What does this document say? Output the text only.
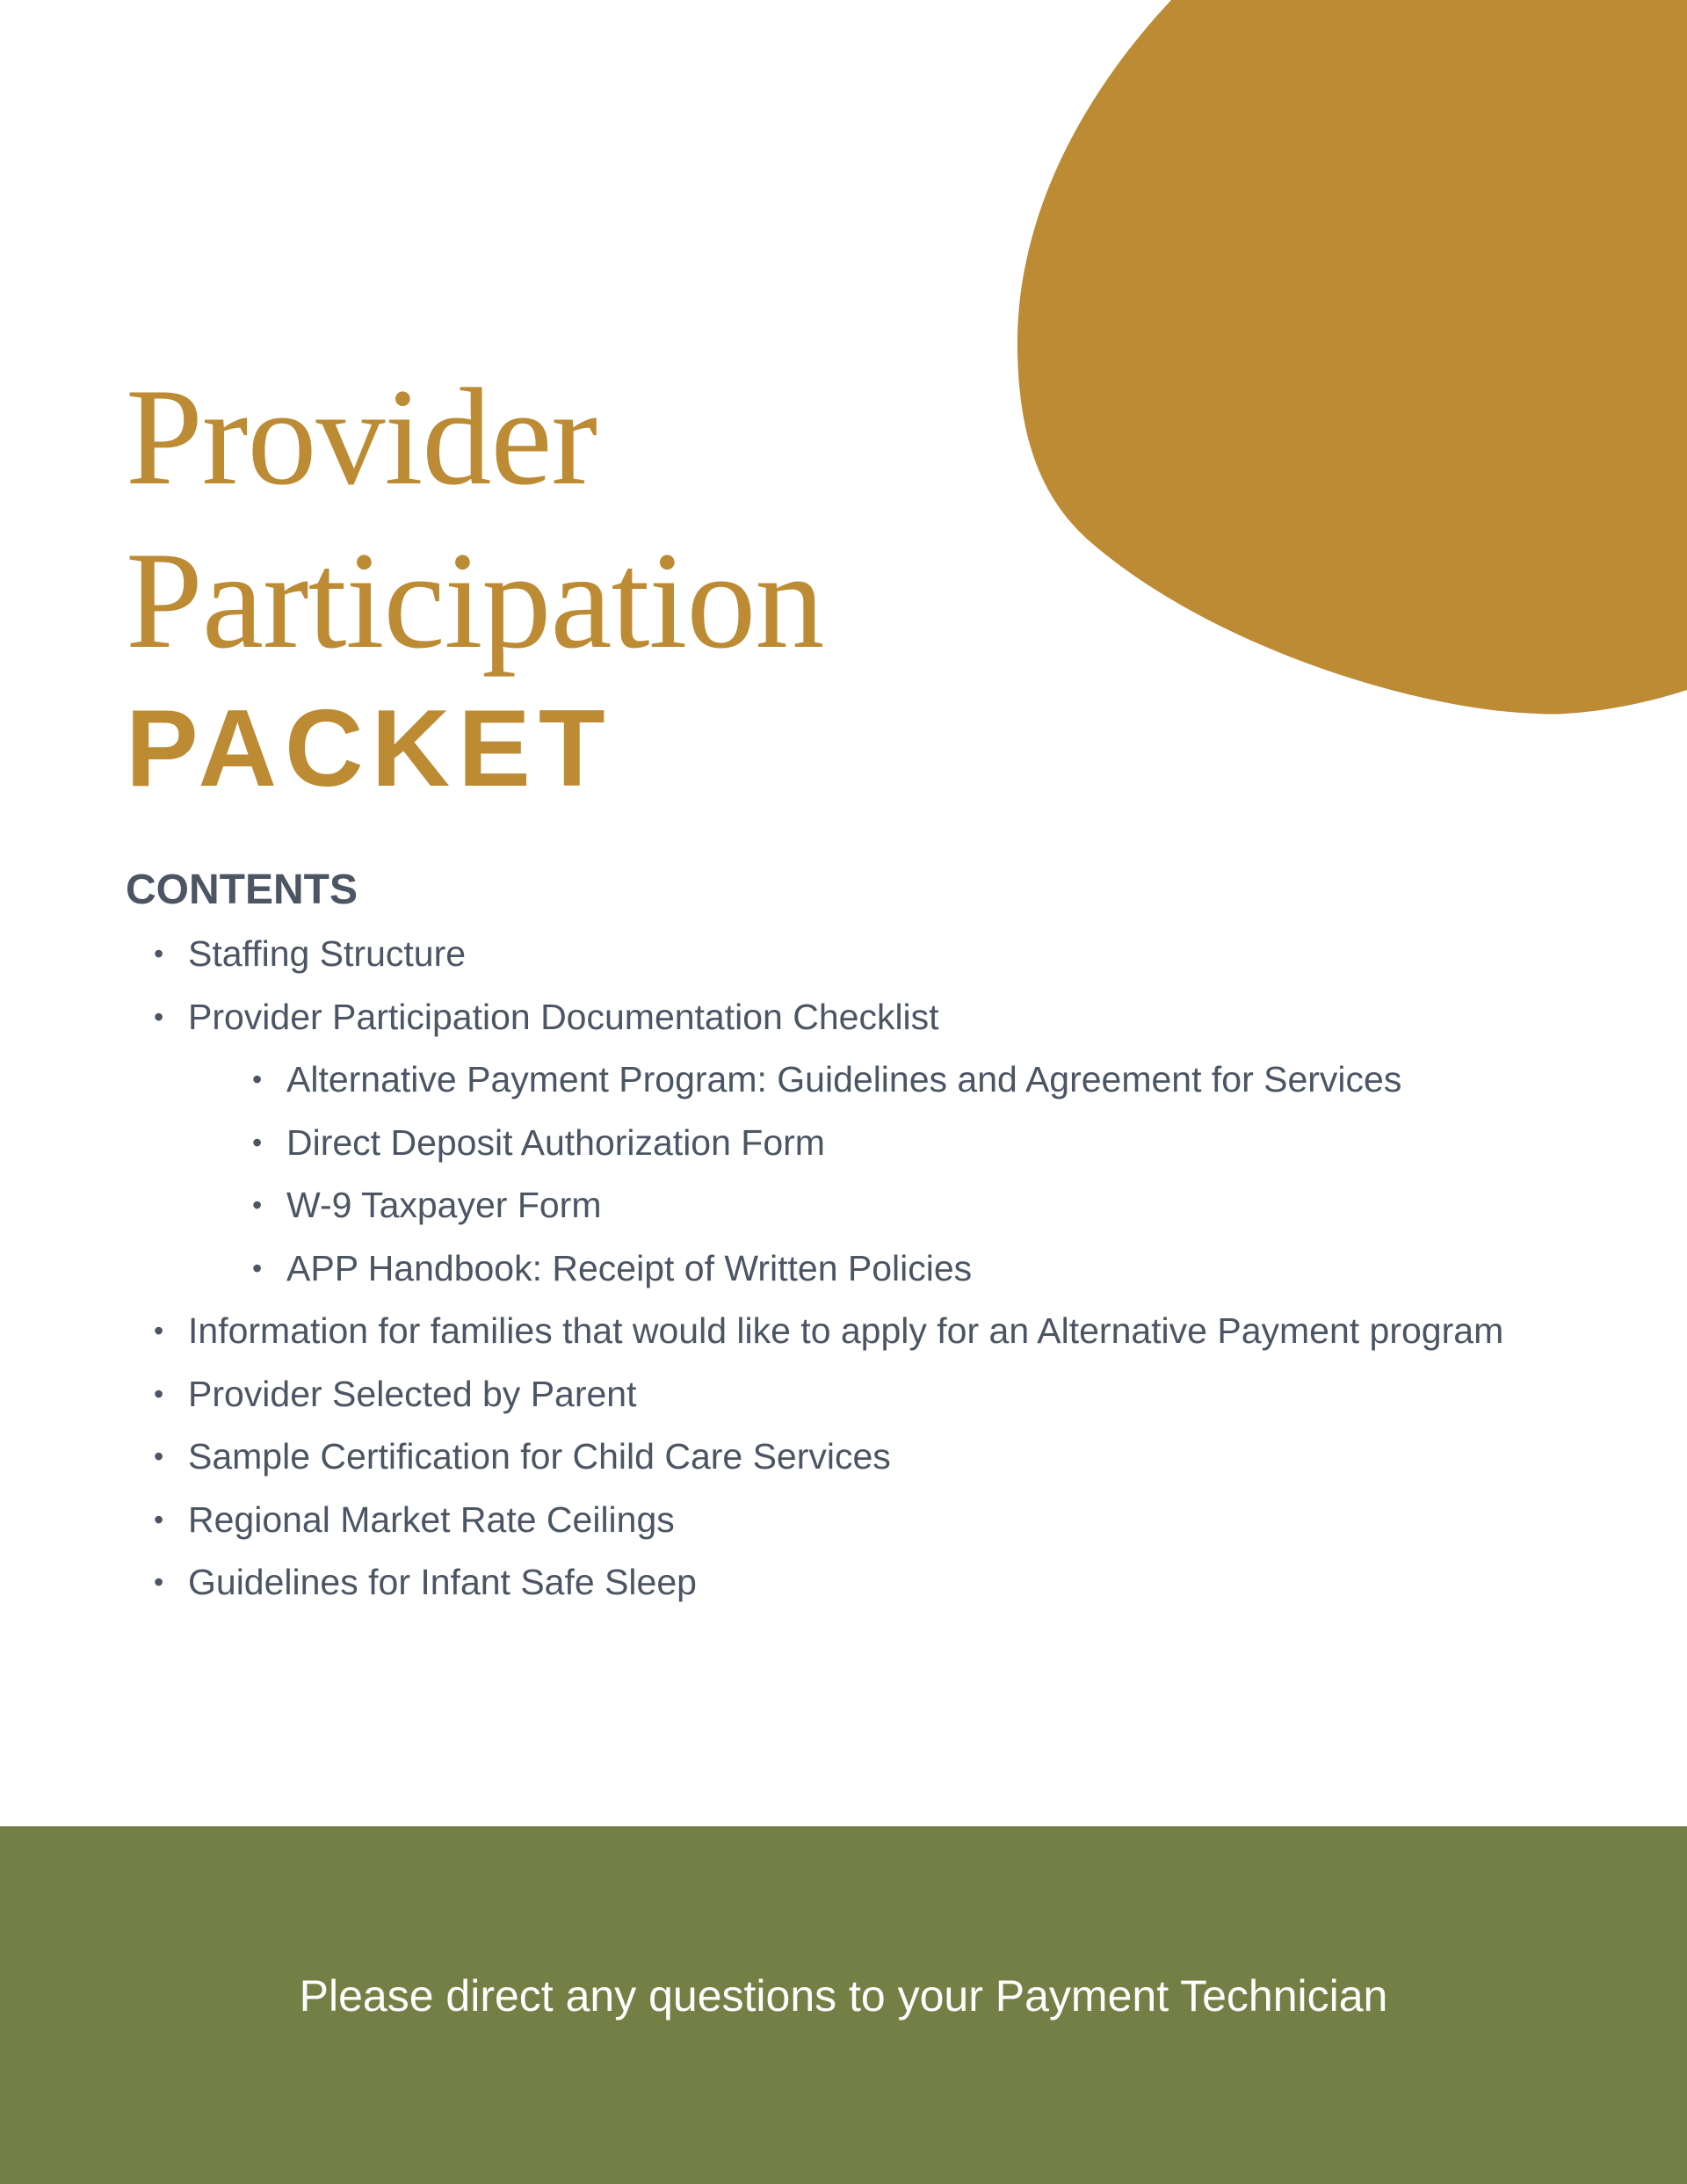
Provider
Participation
PACKET
CONTENTS
• Staffing Structure
• Provider Participation Documentation Checklist
• Alternative Payment Program: Guidelines and Agreement for Services
• Direct Deposit Authorization Form
• W-9 Taxpayer Form
• APP Handbook: Receipt of Written Policies
• Information for families that would like to apply for an Alternative Payment program
• Provider Selected by Parent
• Sample Certification for Child Care Services
• Regional Market Rate Ceilings
• Guidelines for Infant Safe Sleep
Please direct any questions to your Payment Technician
